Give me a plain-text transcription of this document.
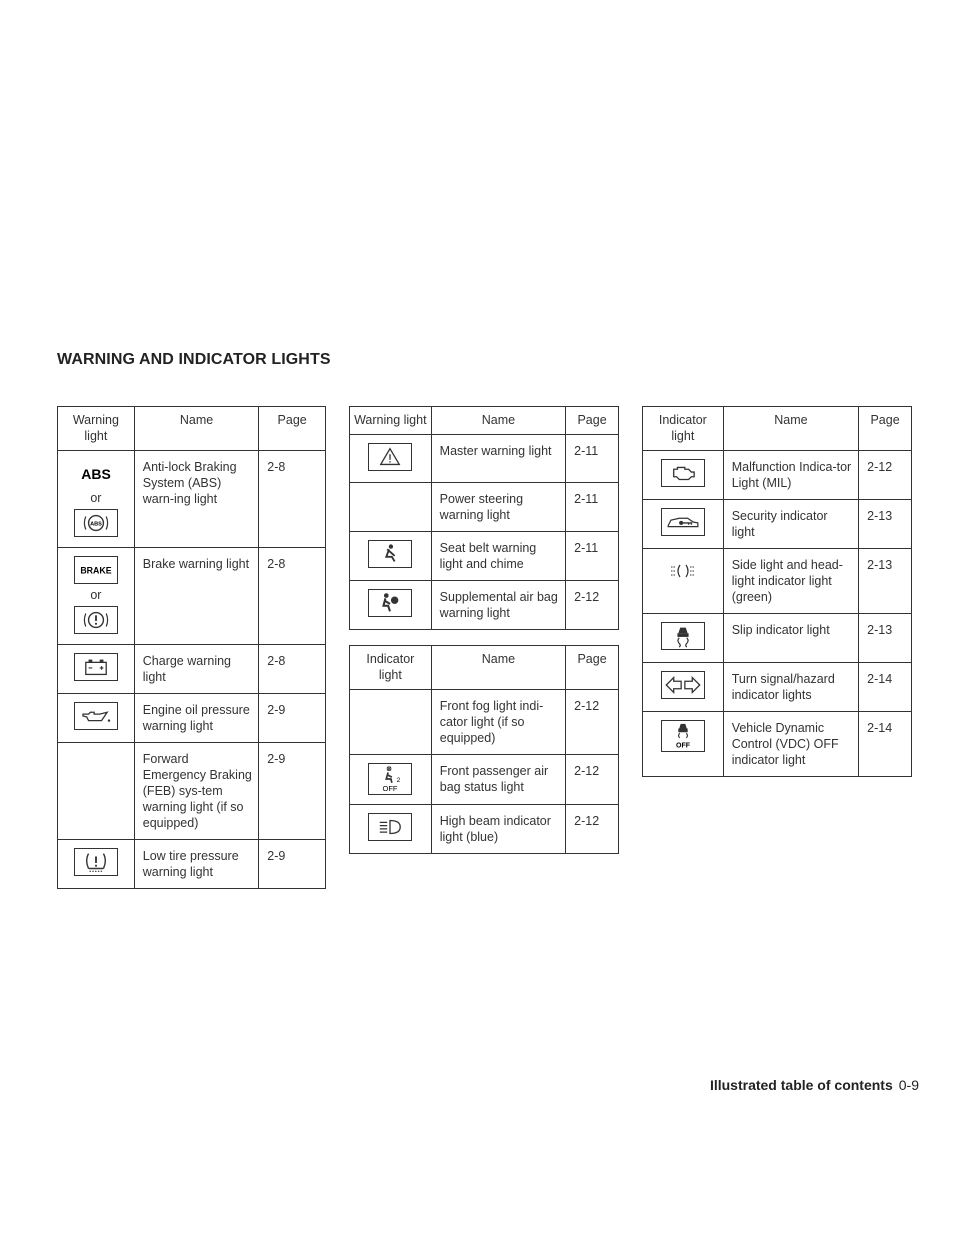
WARNING AND INDICATOR LIGHTS
Warning light	Name	Page

ABS
or
ABS	Anti-lock Braking System (ABS) warn-ing light	2-8

BRAKE
or	Brake warning light	2-8

	Charge warning light	2-8

	Engine oil pressure warning light	2-9
	Forward Emergency Braking (FEB) sys-tem warning light (if so equipped)	2-9

	Low tire pressure warning light	2-9
Warning light	Name	Page

	Master warning light	2-11
	Power steering warning light	2-11

	Seat belt warning light and chime	2-11

	Supplemental air bag warning light	2-12
Indicator light	Name	Page
	Front fog light indi-cator light (if so equipped)	2-12

2
OFF	Front passenger air bag status light	2-12

	High beam indicator light (blue)	2-12
Indicator light	Name	Page

	Malfunction Indica-tor Light (MIL)	2-12

	Security indicator light	2-13

	Side light and head-light indicator light (green)	2-13

	Slip indicator light	2-13

	Turn signal/hazard indicator lights	2-14

OFF	Vehicle Dynamic Control (VDC) OFF indicator light	2-14
Illustrated table of contents 0-9
